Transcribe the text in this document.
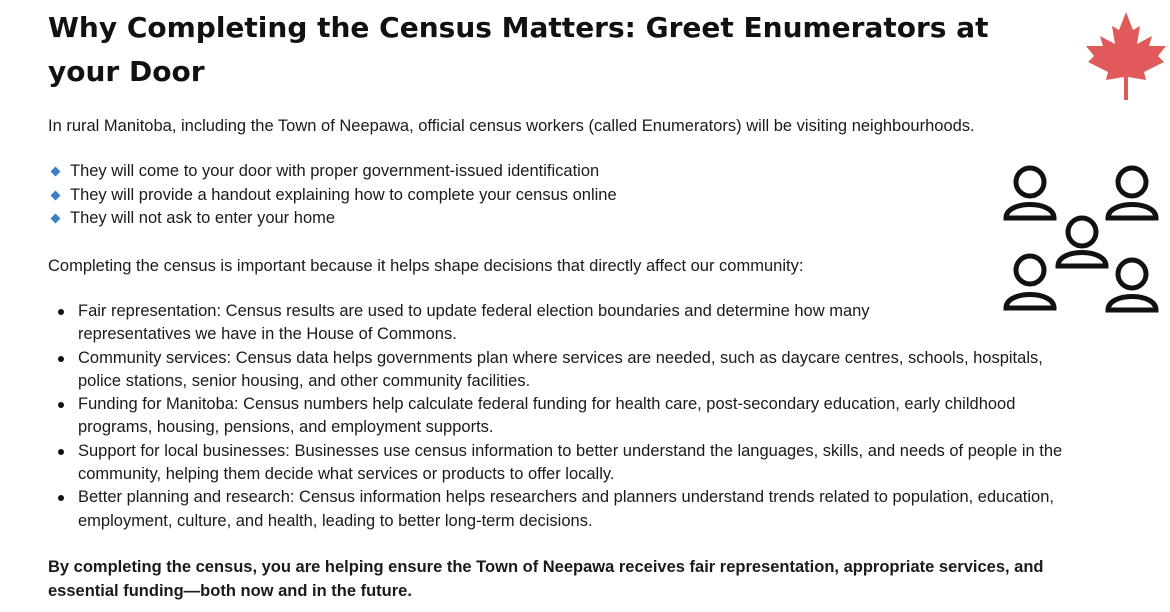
Why Completing the Census Matters: Greet Enumerators at your Door

In rural Manitoba, including the Town of Neepawa, official census workers (called Enumerators) will be visiting neighbourhoods.

They will come to your door with proper government-issued identification
They will provide a handout explaining how to complete your census online
They will not ask to enter your home

Completing the census is important because it helps shape decisions that directly affect our community:

Fair representation: Census results are used to update federal election boundaries and determine how many representatives we have in the House of Commons.
Community services: Census data helps governments plan where services are needed, such as daycare centres, schools, hospitals, police stations, senior housing, and other community facilities.
Funding for Manitoba: Census numbers help calculate federal funding for health care, post-secondary education, early childhood programs, housing, pensions, and employment supports.
Support for local businesses: Businesses use census information to better understand the languages, skills, and needs of people in the community, helping them decide what services or products to offer locally.
Better planning and research: Census information helps researchers and planners understand trends related to population, education, employment, culture, and health, leading to better long-term decisions.

By completing the census, you are helping ensure the Town of Neepawa receives fair representation, appropriate services, and essential funding—both now and in the future.
